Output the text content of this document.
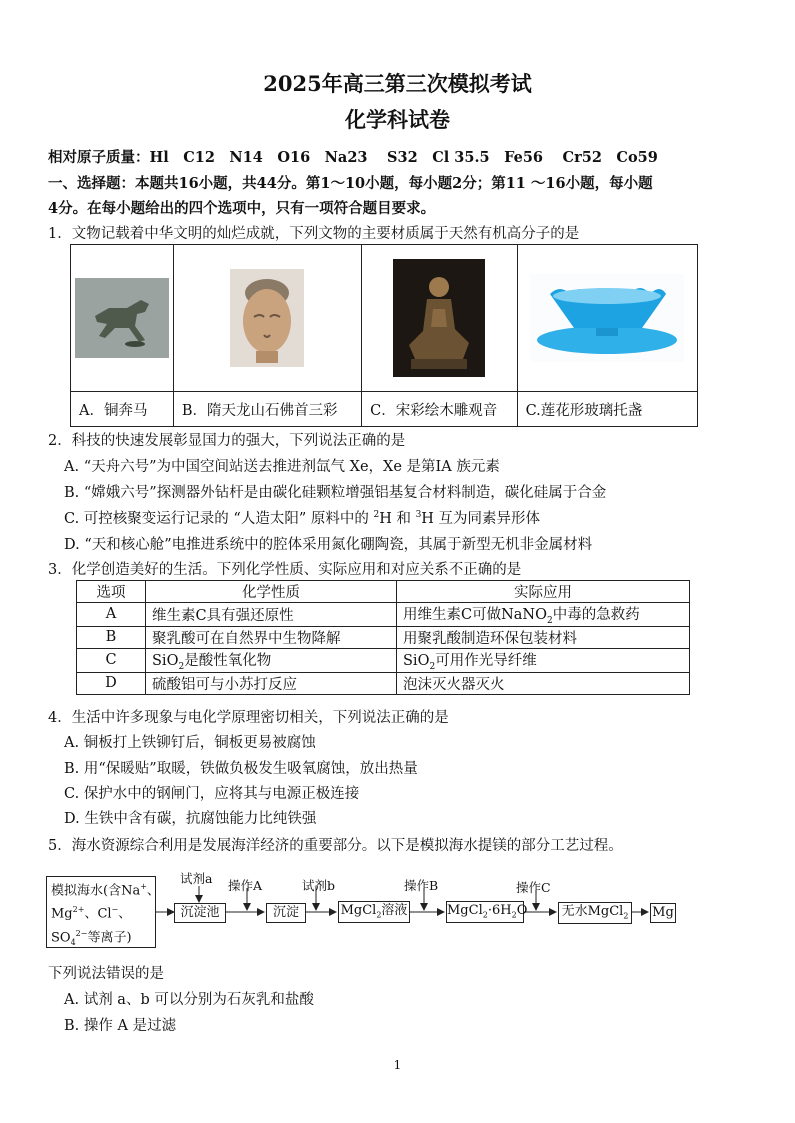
2025年高三第三次模拟考试
化学科试卷
相对原子质量：Hl　C12　N14　O16　Na23　 S32　Cl 35.5　Fe56　 Cr52　Co59
一、选择题：本题共16小题，共44分。第1～10小题，每小题2分；第11 ～16小题，每小题
4分。在每小题给出的四个选项中，只有一项符合题目要求。
1．文物记载着中华文明的灿烂成就，下列文物的主要材质属于天然有机高分子的是

A．铜奔马	B．隋天龙山石佛首三彩	C．宋彩绘木雕观音	C.莲花形玻璃托盏
2．科技的快速发展彰显国力的强大，下列说法正确的是
A. “天舟六号”为中国空间站送去推进剂氙气 Xe，Xe 是第ⅠA 族元素
B. “嫦娥六号”探测器外钻杆是由碳化硅颗粒增强铝基复合材料制造，碳化硅属于合金
C. 可控核聚变运行记录的 “人造太阳” 原料中的 $^2$H 和 $^3$H 互为同素异形体
D. “天和核心舱”电推进系统中的腔体采用氮化硼陶瓷，其属于新型无机非金属材料
3．化学创造美好的生活。下列化学性质、实际应用和对应关系不正确的是
选项	化学性质	实际应用
A	维生素C具有强还原性	用维生素C可做NaNO$_2$中毒的急救药
B	聚乳酸可在自然界中生物降解	用聚乳酸制造环保包装材料
C	SiO$_2$是酸性氧化物	SiO$_2$可用作光导纤维
D	硫酸铝可与小苏打反应	泡沫灭火器灭火
4．生活中许多现象与电化学原理密切相关，下列说法正确的是
A. 铜板打上铁铆钉后，铜板更易被腐蚀
B. 用“保暖贴”取暖，铁做负极发生吸氧腐蚀，放出热量
C. 保护水中的钢闸门，应将其与电源正极连接
D. 生铁中含有碳，抗腐蚀能力比纯铁强
5．海水资源综合利用是发展海洋经济的重要部分。以下是模拟海水提镁的部分工艺过程。
模拟海水(含Na+、
$Mg^{2+}$、Cl−、
$SO_4^{2-}$等离子)
试剂a
沉淀池
操作A
沉淀
试剂b
MgCl$_2$溶液
操作B
$MgCl_2\cdot 6H_2O$
操作C
无水MgCl$_2$ Mg
下列说法错误的是
A. 试剂 a、b 可以分别为石灰乳和盐酸
B. 操作 A 是过滤
1
